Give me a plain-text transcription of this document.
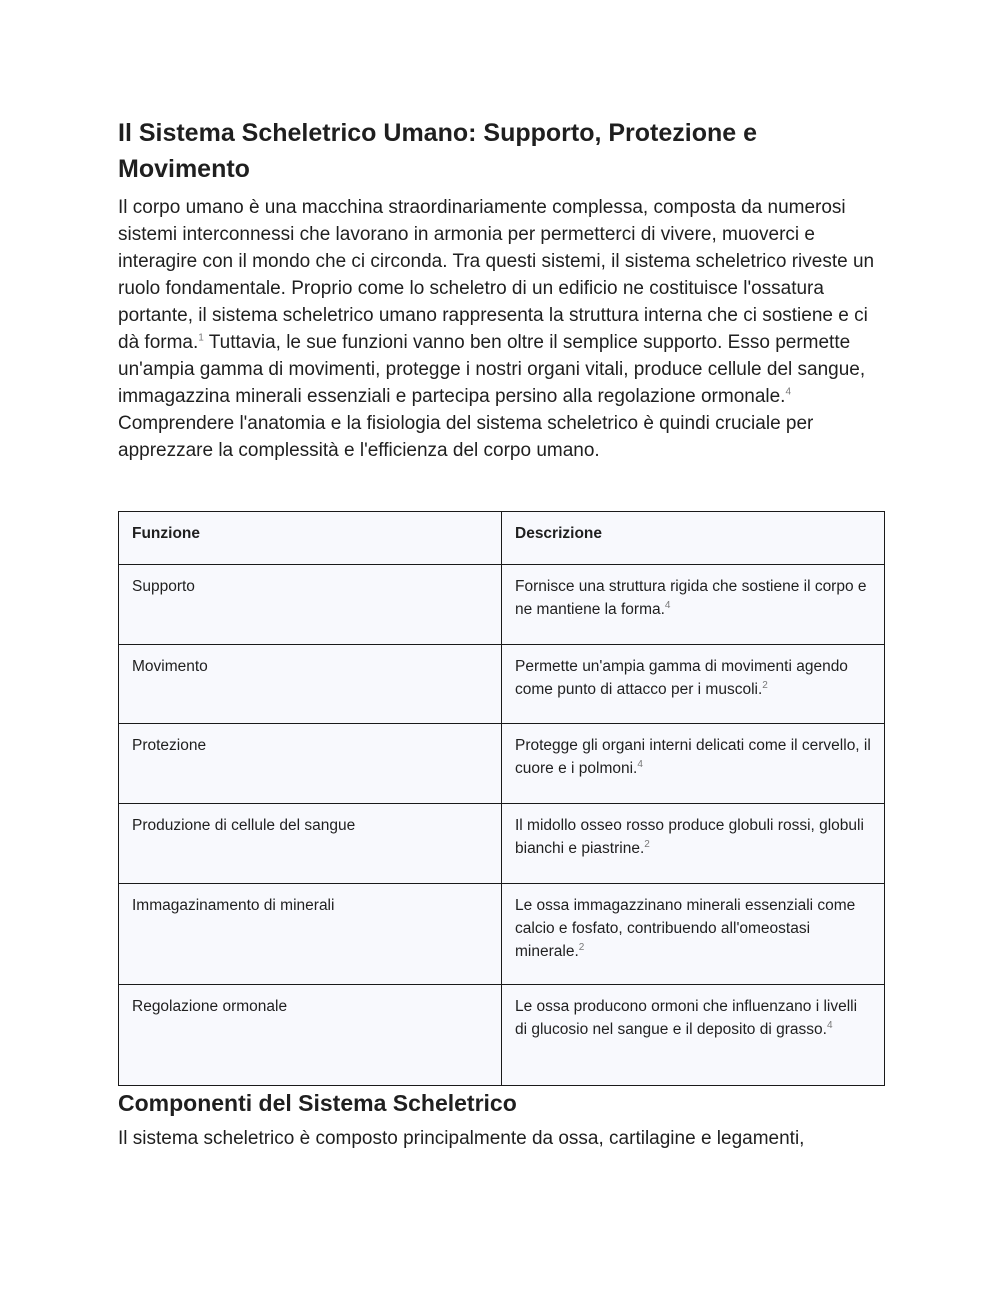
Il Sistema Scheletrico Umano: Supporto, Protezione e Movimento

Il corpo umano è una macchina straordinariamente complessa, composta da numerosi sistemi interconnessi che lavorano in armonia per permetterci di vivere, muoverci e interagire con il mondo che ci circonda. Tra questi sistemi, il sistema scheletrico riveste un ruolo fondamentale. Proprio come lo scheletro di un edificio ne costituisce l'ossatura portante, il sistema scheletrico umano rappresenta la struttura interna che ci sostiene e ci dà forma.$^1$ Tuttavia, le sue funzioni vanno ben oltre il semplice supporto. Esso permette un'ampia gamma di movimenti, protegge i nostri organi vitali, produce cellule del sangue, immagazzina minerali essenziali e partecipa persino alla regolazione ormonale.$^4$ Comprendere l'anatomia e la fisiologia del sistema scheletrico è quindi cruciale per apprezzare la complessità e l'efficienza del corpo umano.

Funzione	Descrizione
Supporto	Fornisce una struttura rigida che sostiene il corpo e ne mantiene la forma.$^4$
Movimento	Permette un'ampia gamma di movimenti agendo come punto di attacco per i muscoli.$^2$
Protezione	Protegge gli organi interni delicati come il cervello, il cuore e i polmoni.$^4$
Produzione di cellule del sangue	Il midollo osseo rosso produce globuli rossi, globuli bianchi e piastrine.$^2$
Immagazinamento di minerali	Le ossa immagazzinano minerali essenziali come calcio e fosfato, contribuendo all'omeostasi minerale.$^2$
Regolazione ormonale	Le ossa producono ormoni che influenzano i livelli di glucosio nel sangue e il deposito di grasso.$^4$
Componenti del Sistema Scheletrico

Il sistema scheletrico è composto principalmente da ossa, cartilagine e legamenti,
